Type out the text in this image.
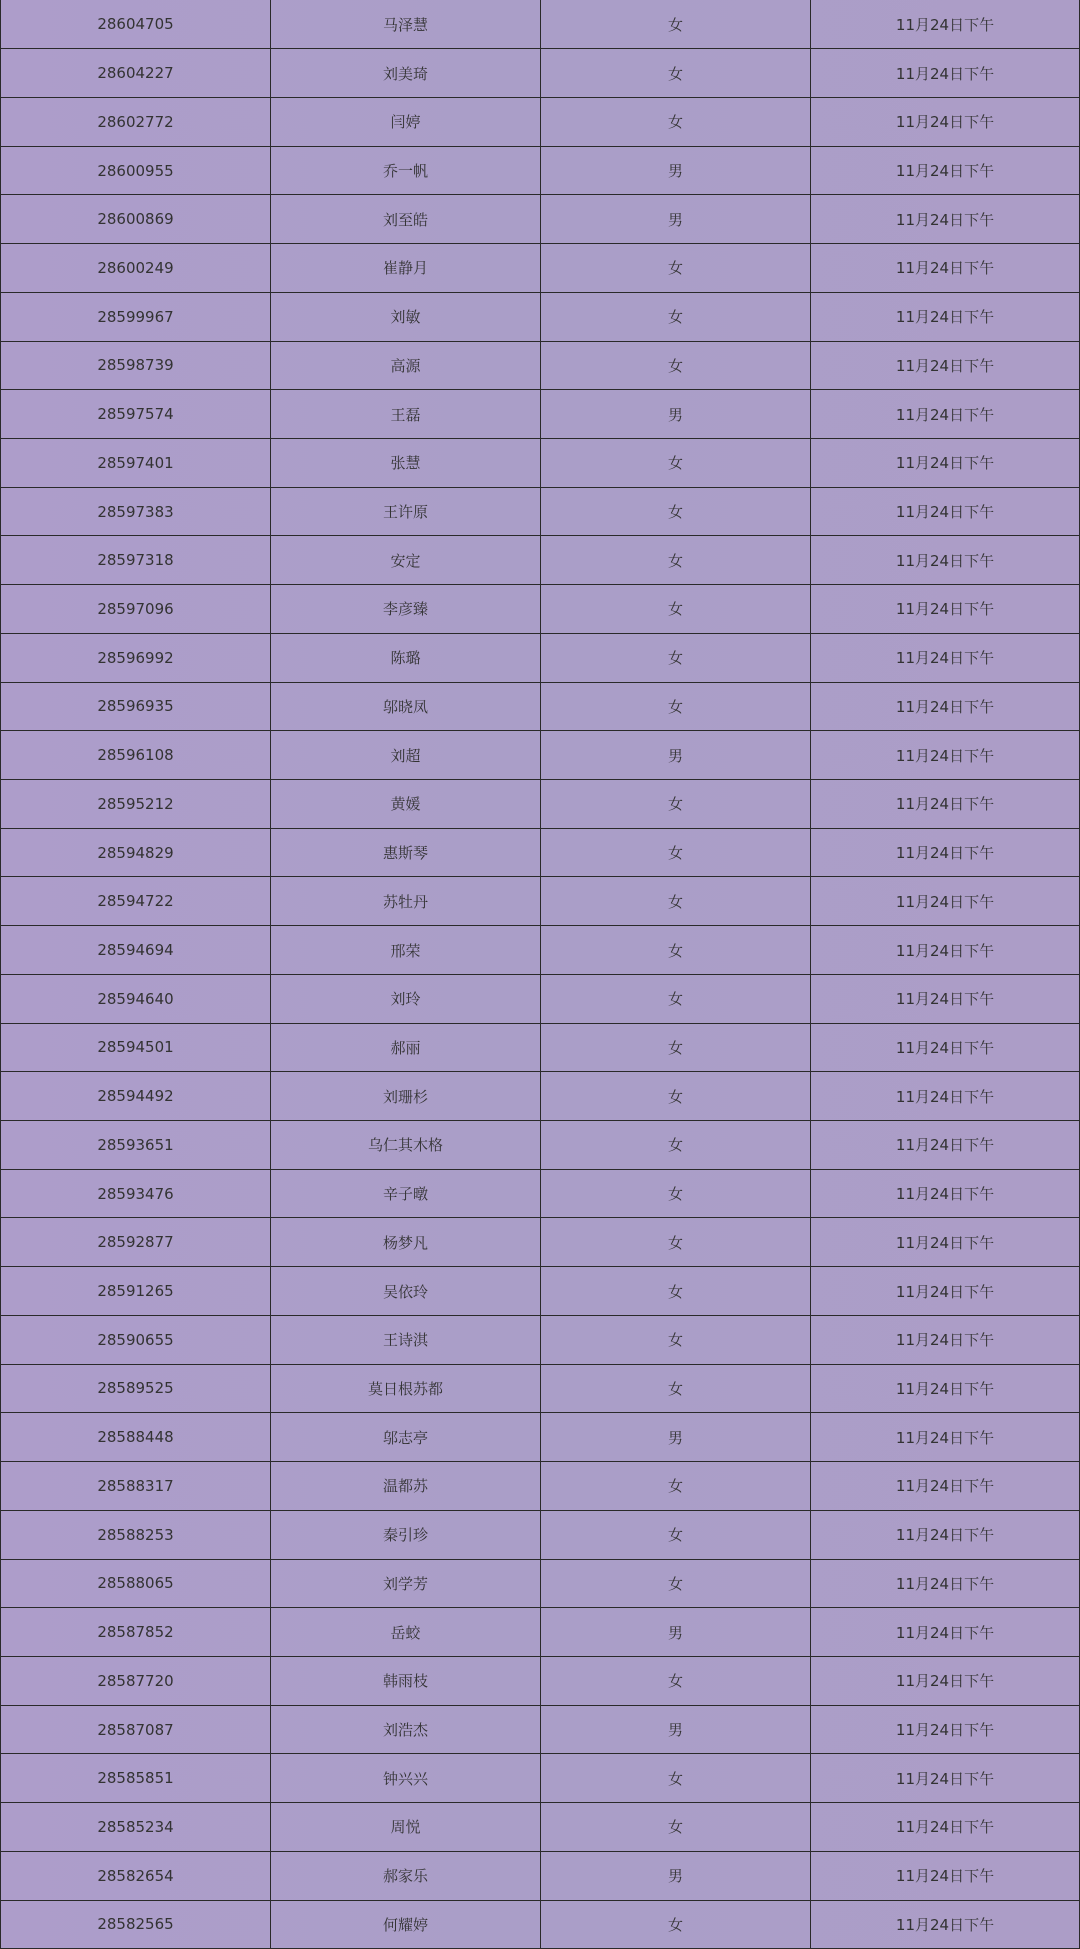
28604705	马泽慧	女	11月24日下午
28604227	刘美琦	女	11月24日下午
28602772	闫婷	女	11月24日下午
28600955	乔一帆	男	11月24日下午
28600869	刘至皓	男	11月24日下午
28600249	崔静月	女	11月24日下午
28599967	刘敏	女	11月24日下午
28598739	高源	女	11月24日下午
28597574	王磊	男	11月24日下午
28597401	张慧	女	11月24日下午
28597383	王许原	女	11月24日下午
28597318	安定	女	11月24日下午
28597096	李彦臻	女	11月24日下午
28596992	陈璐	女	11月24日下午
28596935	邬晓凤	女	11月24日下午
28596108	刘超	男	11月24日下午
28595212	黄媛	女	11月24日下午
28594829	惠斯琴	女	11月24日下午
28594722	苏牡丹	女	11月24日下午
28594694	邢荣	女	11月24日下午
28594640	刘玲	女	11月24日下午
28594501	郝丽	女	11月24日下午
28594492	刘珊杉	女	11月24日下午
28593651	乌仁其木格	女	11月24日下午
28593476	辛子暾	女	11月24日下午
28592877	杨梦凡	女	11月24日下午
28591265	吴依玲	女	11月24日下午
28590655	王诗淇	女	11月24日下午
28589525	莫日根苏都	女	11月24日下午
28588448	邬志亭	男	11月24日下午
28588317	温都苏	女	11月24日下午
28588253	秦引珍	女	11月24日下午
28588065	刘学芳	女	11月24日下午
28587852	岳蛟	男	11月24日下午
28587720	韩雨枝	女	11月24日下午
28587087	刘浩杰	男	11月24日下午
28585851	钟兴兴	女	11月24日下午
28585234	周悦	女	11月24日下午
28582654	郝家乐	男	11月24日下午
28582565	何耀婷	女	11月24日下午
